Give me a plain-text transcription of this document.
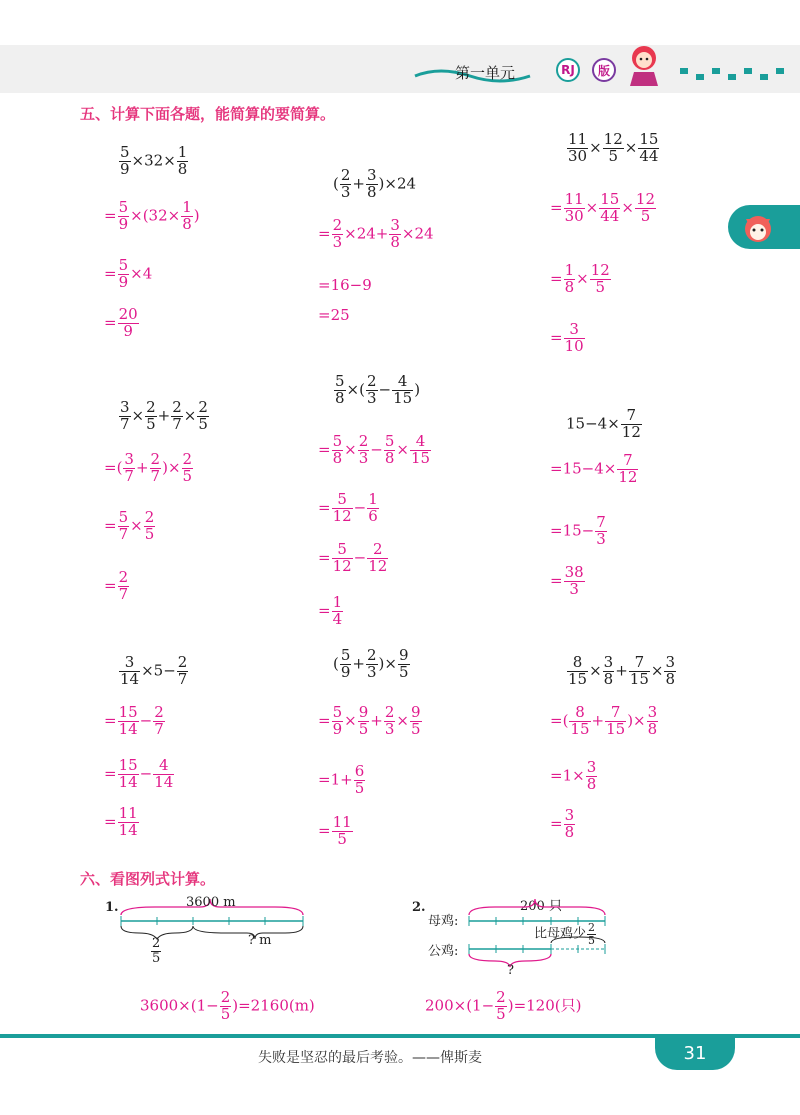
第一单元	RJ	版
五、计算下面各题，能简算的要简算。
$\frac{5}{9} \times 32\times \frac{1}{8}$
= $\frac{5}{9} \times(32\times \frac{1}{8}$ )
= $\frac{5}{9} \times 4$
= $\frac{20}{9}$
( $\frac{2}{3} + \frac{3}{8} )\times 24$
= $\frac{2}{3} \times 24+ \frac{3}{8} \times 24$
=16−9
=25
$\frac{11}{30} \times \frac{12}{5} \times \frac{15}{44}$
= $\frac{11}{30} \times \frac{15}{44} \times \frac{12}{5}$
= $\frac{1}{8} \times \frac{12}{5}$
= $\frac{3}{10}$
$\frac{3}{7} \times \frac{2}{5} + \frac{2}{7} \times \frac{2}{5}$
=( $\frac{3}{7} + \frac{2}{7}$ )× $\frac{2}{5}$
= $\frac{5}{7} \times \frac{2}{5}$
= $\frac{2}{7}$
$\frac{5}{8}$ ×( $\frac{2}{3} - \frac{4}{15}$ )
= $\frac{5}{8} \times \frac{2}{3} - \frac{5}{8} \times \frac{4}{15}$
= $\frac{5}{12} - \frac{1}{6}$
= $\frac{5}{12} - \frac{2}{12}$
= $\frac{1}{4}$
$15-4\times \frac{7}{12}$
$=15-4\times \frac{7}{12}$
$=15- \frac{7}{3}$
= $\frac{38}{3}$
$\frac{3}{14} \times 5- \frac{2}{7}$
= $\frac{15}{14} - \frac{2}{7}$
= $\frac{15}{14} - \frac{4}{14}$
= $\frac{11}{14}$
( $\frac{5}{9} + \frac{2}{3}$ )× $\frac{9}{5}$
= $\frac{5}{9} \times \frac{9}{5} + \frac{2}{3} \times \frac{9}{5}$
$=1+ \frac{6}{5}$
= $\frac{11}{5}$
$\frac{8}{15} \times \frac{3}{8} + \frac{7}{15} \times \frac{3}{8}$
=( $\frac{8}{15} + \frac{7}{15}$ )× $\frac{3}{8}$
$=1\times \frac{3}{8}$
= $\frac{3}{8}$
六、看图列式计算。
1.	3600 m
$\frac{2}{5}$	? m
$3600\times(1- \frac{2}{5} )=2160(m)$
2.
母鸡:
公鸡:
200 只
比母鸡少 $\frac{2}{5}$
?
$200\times(1- \frac{2}{5} )=120$(只)
31
失败是坚忍的最后考验。——俾斯麦
